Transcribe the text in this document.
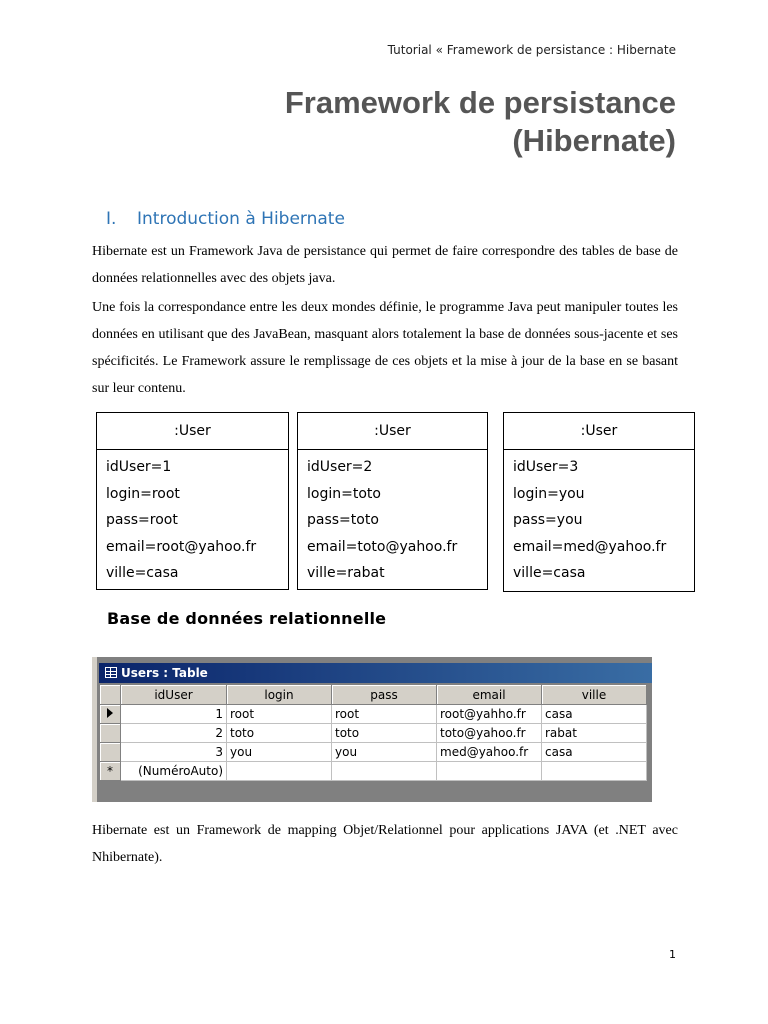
Tutorial « Framework de persistance : Hibernate
Framework de persistance
(Hibernate)
I. Introduction à Hibernate
Hibernate est un Framework Java de persistance qui permet de faire correspondre des tables de base de données relationnelles avec des objets java.
Une fois la correspondance entre les deux mondes définie, le programme Java peut manipuler toutes les données en utilisant que des JavaBean, masquant alors totalement la base de données sous-jacente et ses spécificités. Le Framework assure le remplissage de ces objets et la mise à jour de la base en se basant sur leur contenu.
:User
idUser=1
login=root
pass=root
email=root@yahoo.fr
ville=casa
:User
idUser=2
login=toto
pass=toto
email=toto@yahoo.fr
ville=rabat
:User
idUser=3
login=you
pass=you
email=med@yahoo.fr
ville=casa
Base de données relationnelle
Users : Table
	idUser	login	pass	email	ville
	1	root	root	root@yahho.fr	casa
	2	toto	toto	toto@yahoo.fr	rabat
	3	you	you	med@yahoo.fr	casa
*	(NuméroAuto)				
Hibernate est un Framework de mapping Objet/Relationnel pour applications JAVA (et .NET avec Nhibernate).
1
